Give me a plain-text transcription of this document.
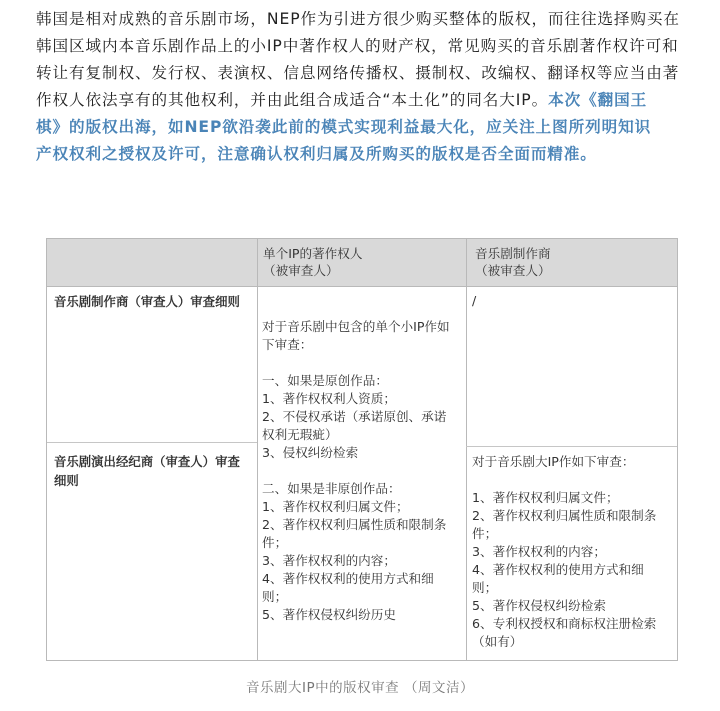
韩国是相对成熟的音乐剧市场，NEP作为引进方很少购买整体的版权，而往往选择购买在
韩国区域内本音乐剧作品上的小IP中著作权人的财产权，常见购买的音乐剧著作权许可和
转让有复制权、发行权、表演权、信息网络传播权、摄制权、改编权、翻译权等应当由著
作权人依法享有的其他权利，并由此组合成适合“本土化”的同名大IP。本次《翻国王
棋》的版权出海，如NEP欲沿袭此前的模式实现利益最大化，应关注上图所列明知识
产权权利之授权及许可，注意确认权利归属及所购买的版权是否全面而精准。
单个IP的著作权人
（被审查人）
音乐剧制作商
（被审查人）
音乐剧制作商（审查人）审查细则
音乐剧演出经纪商（审查人）审查
细则
/
对于音乐剧中包含的单个小IP作如
下审查：

一、如果是原创作品：
1、著作权权利人资质；
2、不侵权承诺（承诺原创、承诺
权利无瑕疵）
3、侵权纠纷检索

二、如果是非原创作品：
1、著作权权利归属文件；
2、著作权权利归属性质和限制条
件；
3、著作权权利的内容；
4、著作权权利的使用方式和细
则；
5、著作权侵权纠纷历史
对于音乐剧大IP作如下审查：

1、著作权权利归属文件；
2、著作权权利归属性质和限制条
件；
3、著作权权利的内容；
4、著作权权利的使用方式和细
则；
5、著作权侵权纠纷检索
6、专利权授权和商标权注册检索
（如有）
音乐剧大IP中的版权审查 （周文洁）
